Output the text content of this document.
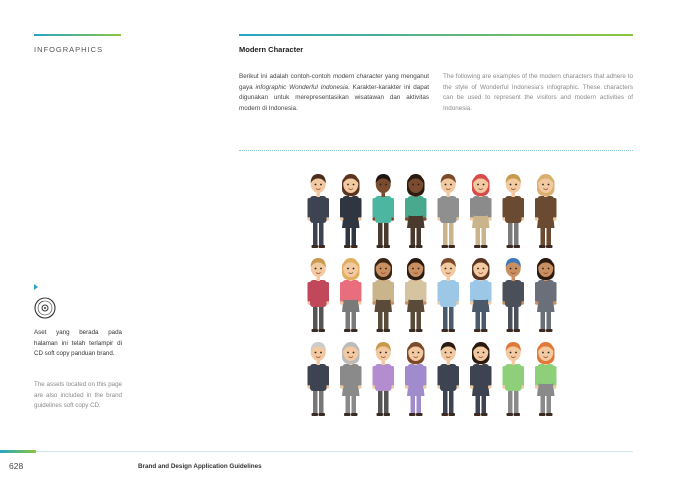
INFOGRAPHICS	Modern Character

Berikut ini adalah contoh-contoh modern character yang menganut gaya infographic Wonderful Indonesia. Karakter-karakter ini dapat digunakan untuk merepresentasikan wisatawan dan aktivitas modern di Indonesia.

The following are examples of the modern characters that adhere to the style of Wonderful Indonesia's infographic. These characters can be used to represent the visitors and modern activities of Indonesia.

Aset yang berada pada halaman ini telah terlampir di CD soft copy panduan brand.

The assets located on this page are also included in the brand guidelines soft copy CD.

628	Brand and Design Application Guidelines
